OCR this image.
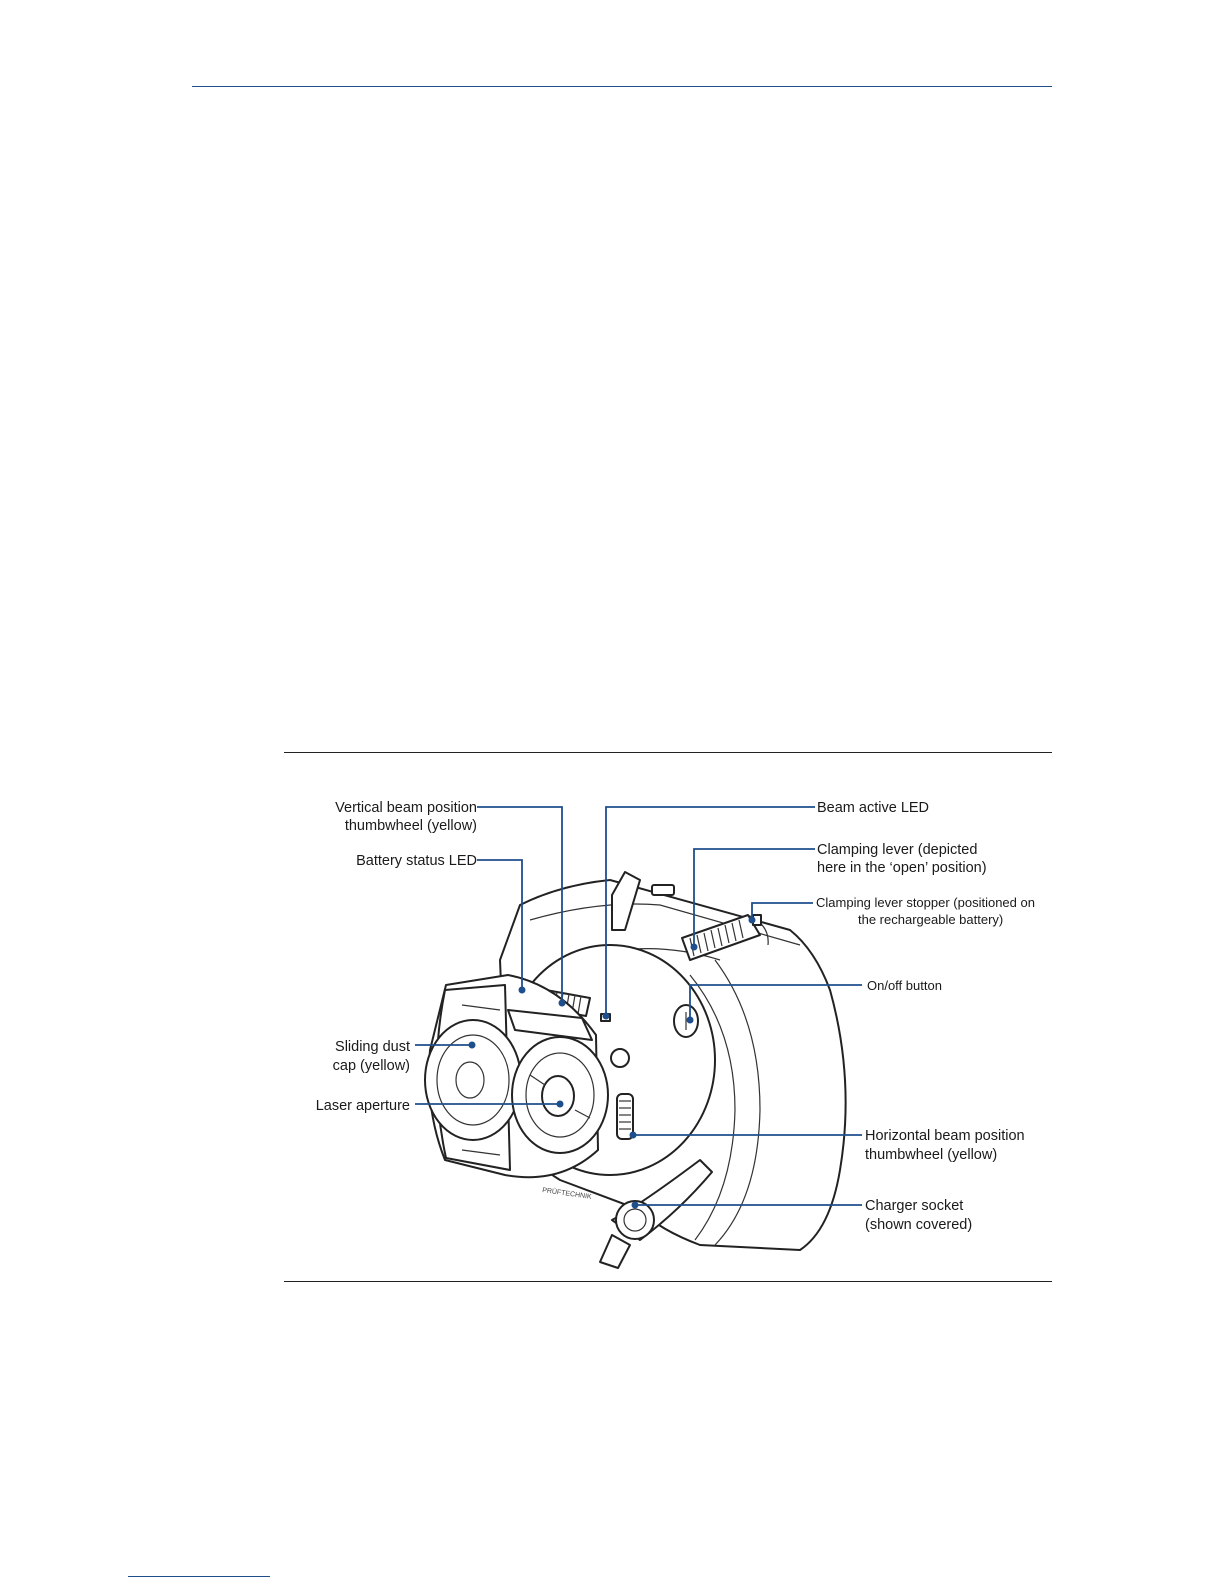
PRÜFTECHNIK
Vertical beam position
thumbwheel (yellow)
Battery status LED
Sliding dust
cap (yellow)
Laser aperture
Beam active LED
Clamping lever (depicted
here in the ‘open’ position)
Clamping lever stopper (positioned on
the rechargeable battery)
On/off button
Horizontal beam position
thumbwheel (yellow)
Charger socket
(shown covered)
